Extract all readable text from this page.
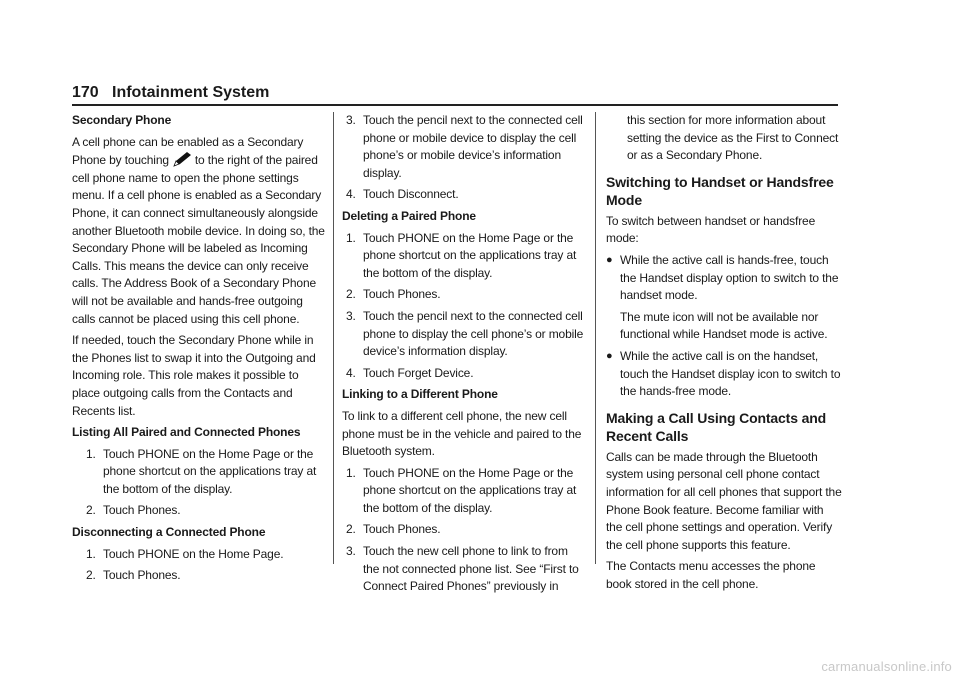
170 Infotainment System
Secondary Phone

A cell phone can be enabled as a Secondary Phone by touching to the right of the paired cell phone name to open the phone settings menu. If a cell phone is enabled as a Secondary Phone, it can connect simultaneously alongside another Bluetooth mobile device. In doing so, the Secondary Phone will be labeled as Incoming Calls. This means the device can only receive calls. The Address Book of a Secondary Phone will not be available and hands-free outgoing calls cannot be placed using this cell phone.

If needed, touch the Secondary Phone while in the Phones list to swap it into the Outgoing and Incoming role. This role makes it possible to place outgoing calls from the Contacts and Recents list.

Listing All Paired and Connected Phones
1. Touch PHONE on the Home Page or the phone shortcut on the applications tray at the bottom of the display.
2. Touch Phones.
Disconnecting a Connected Phone
1. Touch PHONE on the Home Page.
2. Touch Phones.
3. Touch the pencil next to the connected cell phone or mobile device to display the cell phone’s or mobile device’s information display.
4. Touch Disconnect.
Deleting a Paired Phone
1. Touch PHONE on the Home Page or the phone shortcut on the applications tray at the bottom of the display.
2. Touch Phones.
3. Touch the pencil next to the connected cell phone to display the cell phone’s or mobile device’s information display.
4. Touch Forget Device.
Linking to a Different Phone

To link to a different cell phone, the new cell phone must be in the vehicle and paired to the Bluetooth system.

1. Touch PHONE on the Home Page or the phone shortcut on the applications tray at the bottom of the display.
2. Touch Phones.
3. Touch the new cell phone to link to from the not connected phone list. See “First to Connect Paired Phones” previously in

this section for more information about setting the device as the First to Connect or as a Secondary Phone.

Switching to Handset or Handsfree Mode

To switch between handset or handsfree mode:

● While the active call is hands-free, touch the Handset display option to switch to the handset mode.

The mute icon will not be available nor functional while Handset mode is active.

● While the active call is on the handset, touch the Handset display icon to switch to the hands-free mode.
Making a Call Using Contacts and Recent Calls

Calls can be made through the Bluetooth system using personal cell phone contact information for all cell phones that support the Phone Book feature. Become familiar with the cell phone settings and operation. Verify the cell phone supports this feature.

The Contacts menu accesses the phone book stored in the cell phone.

carmanualsonline.info
